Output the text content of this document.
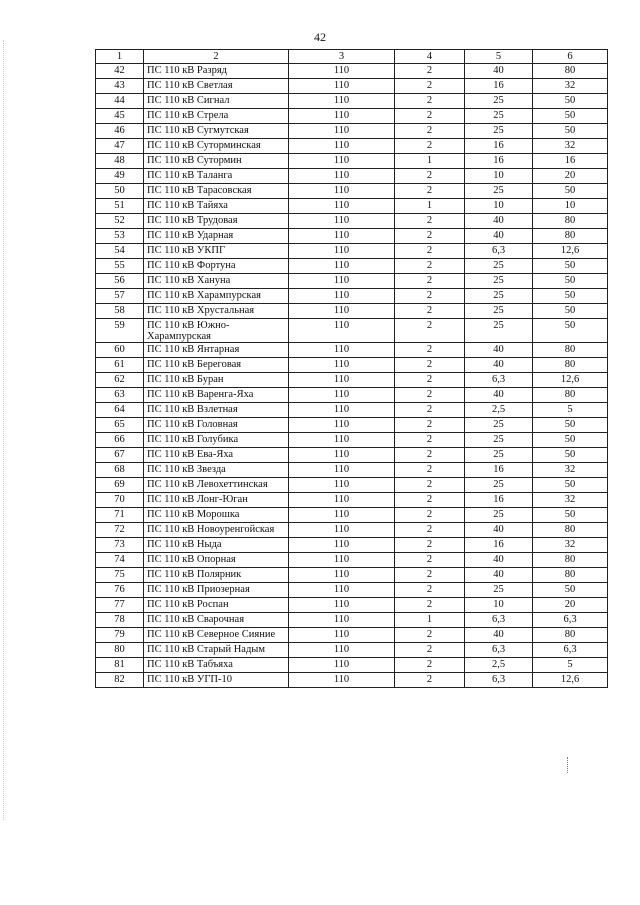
42
1	2	3	4	5	6
42	ПС 110 кВ Разряд	110	2	40	80
43	ПС 110 кВ Светлая	110	2	16	32
44	ПС 110 кВ Сигнал	110	2	25	50
45	ПС 110 кВ Стрела	110	2	25	50
46	ПС 110 кВ Сугмутская	110	2	25	50
47	ПС 110 кВ Суторминская	110	2	16	32
48	ПС 110 кВ Сутормин	110	1	16	16
49	ПС 110 кВ Таланга	110	2	10	20
50	ПС 110 кВ Тарасовская	110	2	25	50
51	ПС 110 кВ Тайяха	110	1	10	10
52	ПС 110 кВ Трудовая	110	2	40	80
53	ПС 110 кВ Ударная	110	2	40	80
54	ПС 110 кВ УКПГ	110	2	6,3	12,6
55	ПС 110 кВ Фортуна	110	2	25	50
56	ПС 110 кВ Хануна	110	2	25	50
57	ПС 110 кВ Харампурская	110	2	25	50
58	ПС 110 кВ Хрустальная	110	2	25	50
59	ПС 110 кВ Южно-Харампурская	110	2	25	50
60	ПС 110 кВ Янтарная	110	2	40	80
61	ПС 110 кВ Береговая	110	2	40	80
62	ПС 110 кВ Буран	110	2	6,3	12,6
63	ПС 110 кВ Варенга-Яха	110	2	40	80
64	ПС 110 кВ Взлетная	110	2	2,5	5
65	ПС 110 кВ Головная	110	2	25	50
66	ПС 110 кВ Голубика	110	2	25	50
67	ПС 110 кВ Ева-Яха	110	2	25	50
68	ПС 110 кВ Звезда	110	2	16	32
69	ПС 110 кВ Левохеттинская	110	2	25	50
70	ПС 110 кВ Лонг-Юган	110	2	16	32
71	ПС 110 кВ Морошка	110	2	25	50
72	ПС 110 кВ Новоуренгойская	110	2	40	80
73	ПС 110 кВ Ныда	110	2	16	32
74	ПС 110 кВ Опорная	110	2	40	80
75	ПС 110 кВ Полярник	110	2	40	80
76	ПС 110 кВ Приозерная	110	2	25	50
77	ПС 110 кВ Роспан	110	2	10	20
78	ПС 110 кВ Сварочная	110	1	6,3	6,3
79	ПС 110 кВ Северное Сияние	110	2	40	80
80	ПС 110 кВ Старый Надым	110	2	6,3	6,3
81	ПС 110 кВ Табъяха	110	2	2,5	5
82	ПС 110 кВ УГП-10	110	2	6,3	12,6
